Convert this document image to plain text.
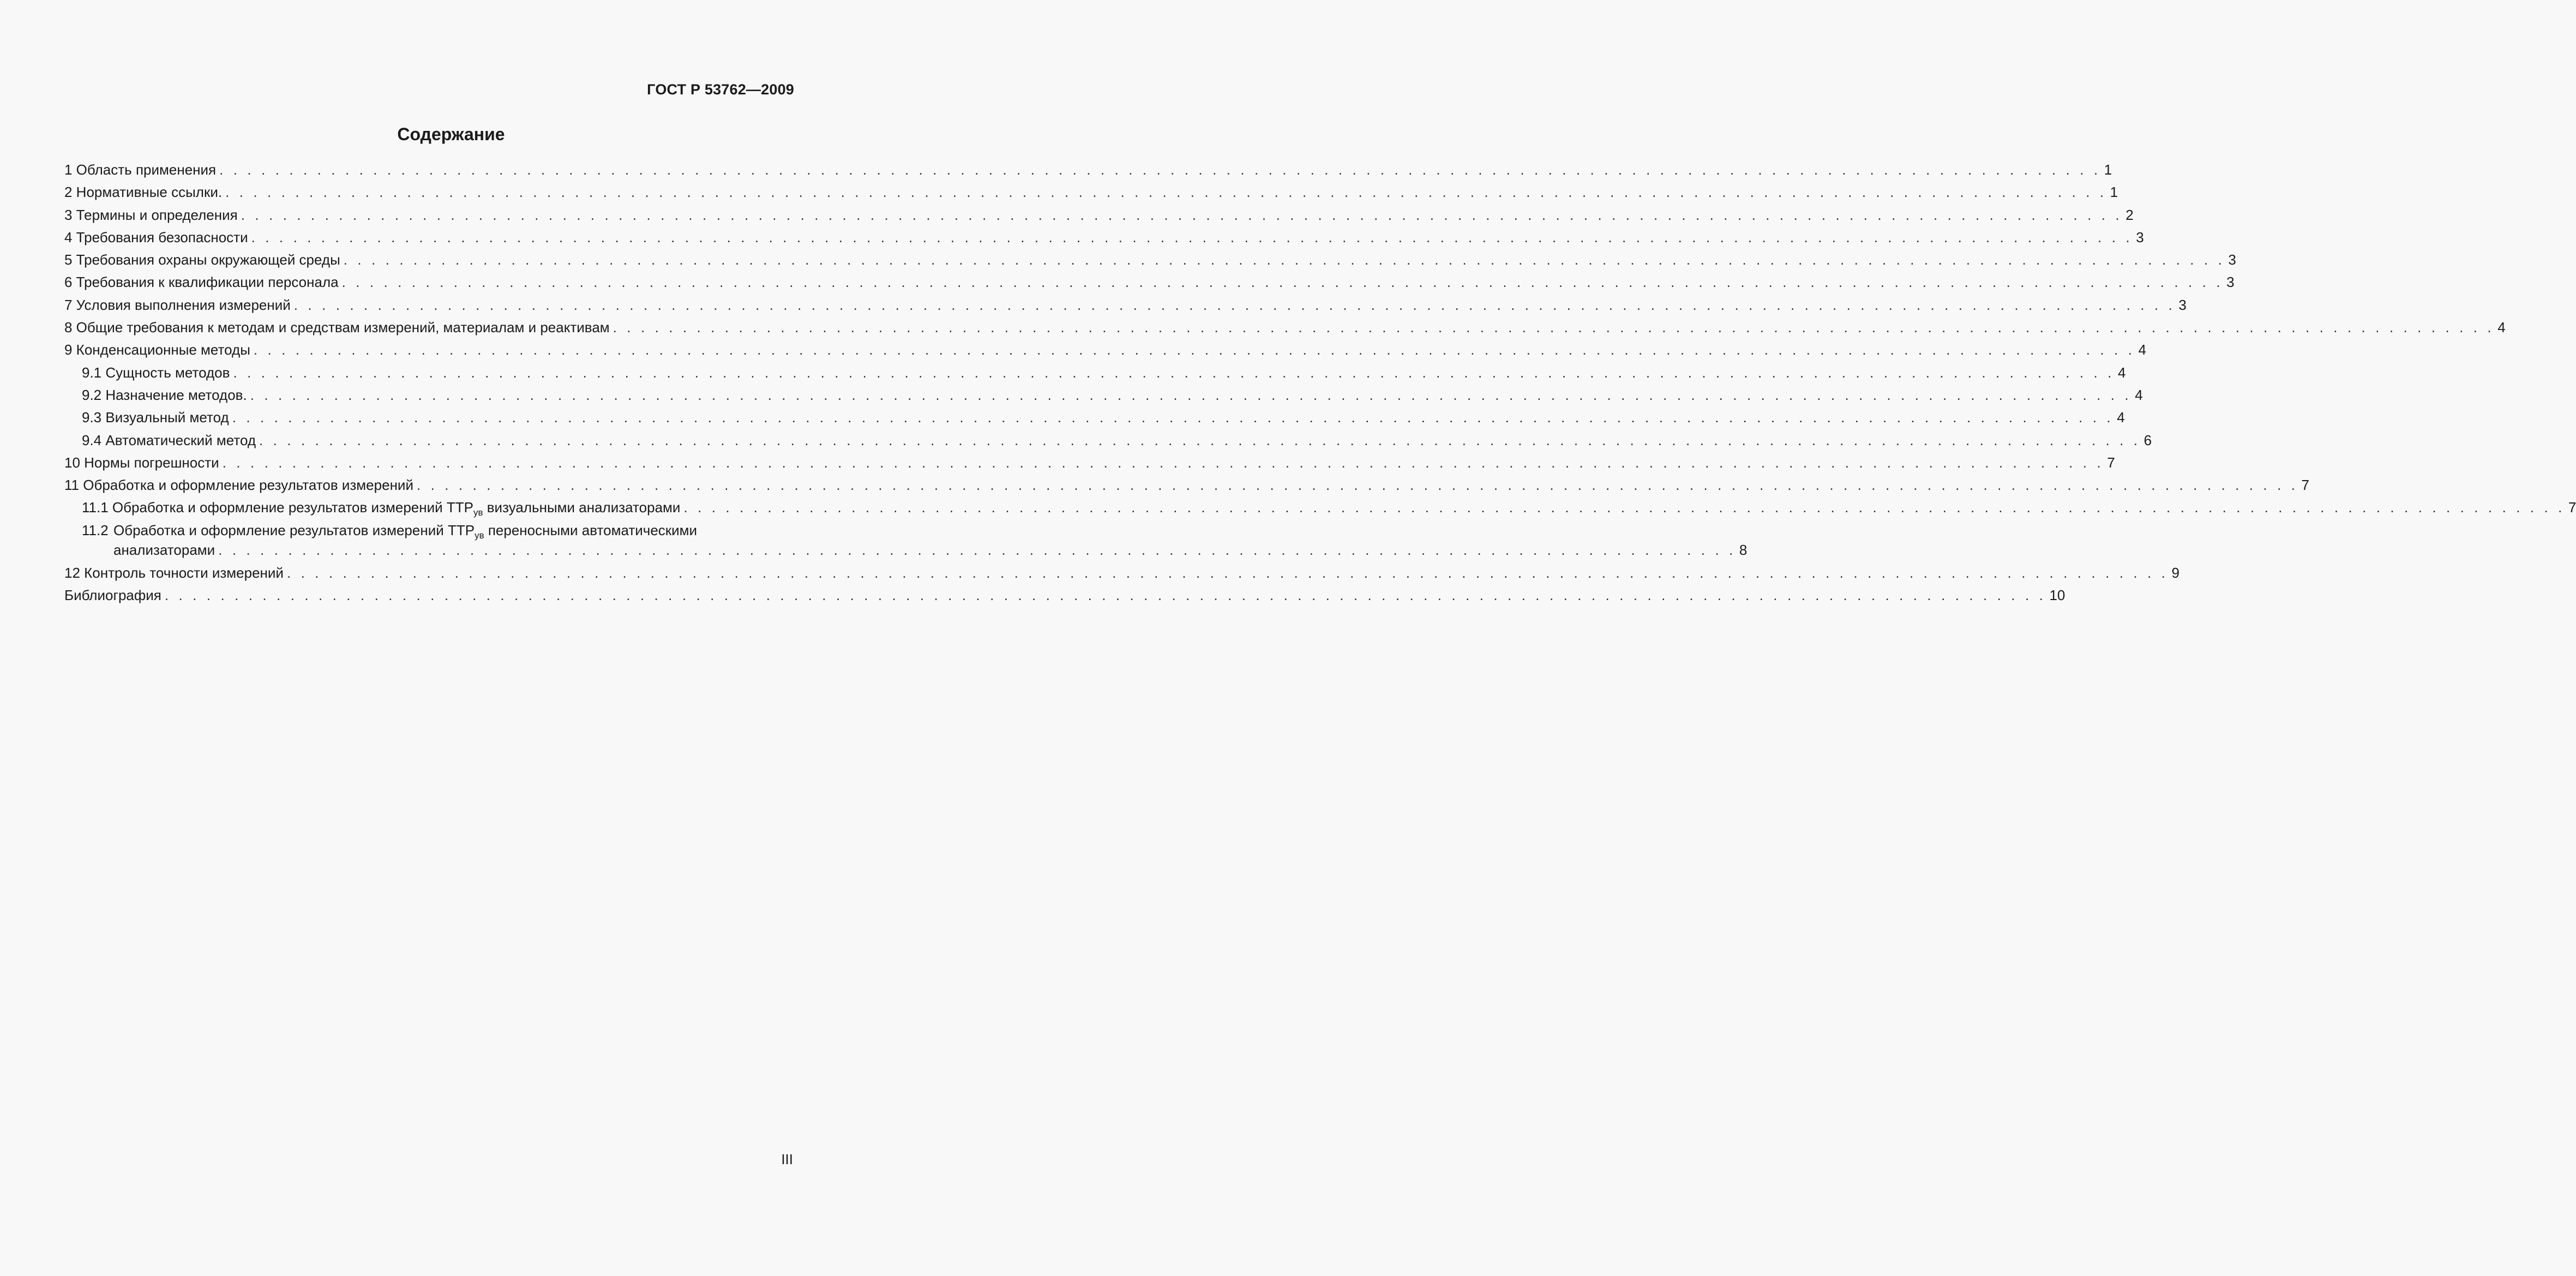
ГОСТ Р 53762—2009
Содержание
1 Область применения . . .	1
2 Нормативные ссылки. . . .	1
3 Термины и определения . . .	2
4 Требования безопасности . . .	3
5 Требования охраны окружающей среды . . .	3
6 Требования к квалификации персонала . . .	3
7 Условия выполнения измерений . . .	3
8 Общие требования к методам и средствам измерений, материалам и реактивам . . .	4
9 Конденсационные методы . . .	4
9.1 Сущность методов . . .	4
9.2 Назначение методов. . . .	4
9.3 Визуальный метод . . .	4
9.4 Автоматический метод . . .	6
10 Нормы погрешности . . .	7
11 Обработка и оформление результатов измерений . . .	7
11.1 Обработка и оформление результатов измерений $ТТР_{ув}$ визуальными анализаторами . . .	7
11.2 Обработка и оформление результатов измерений $ТТР_{ув}$ переносными автоматическими
анализаторами . . .	8
12 Контроль точности измерений . . .	9
Библиография . . .	10
III
